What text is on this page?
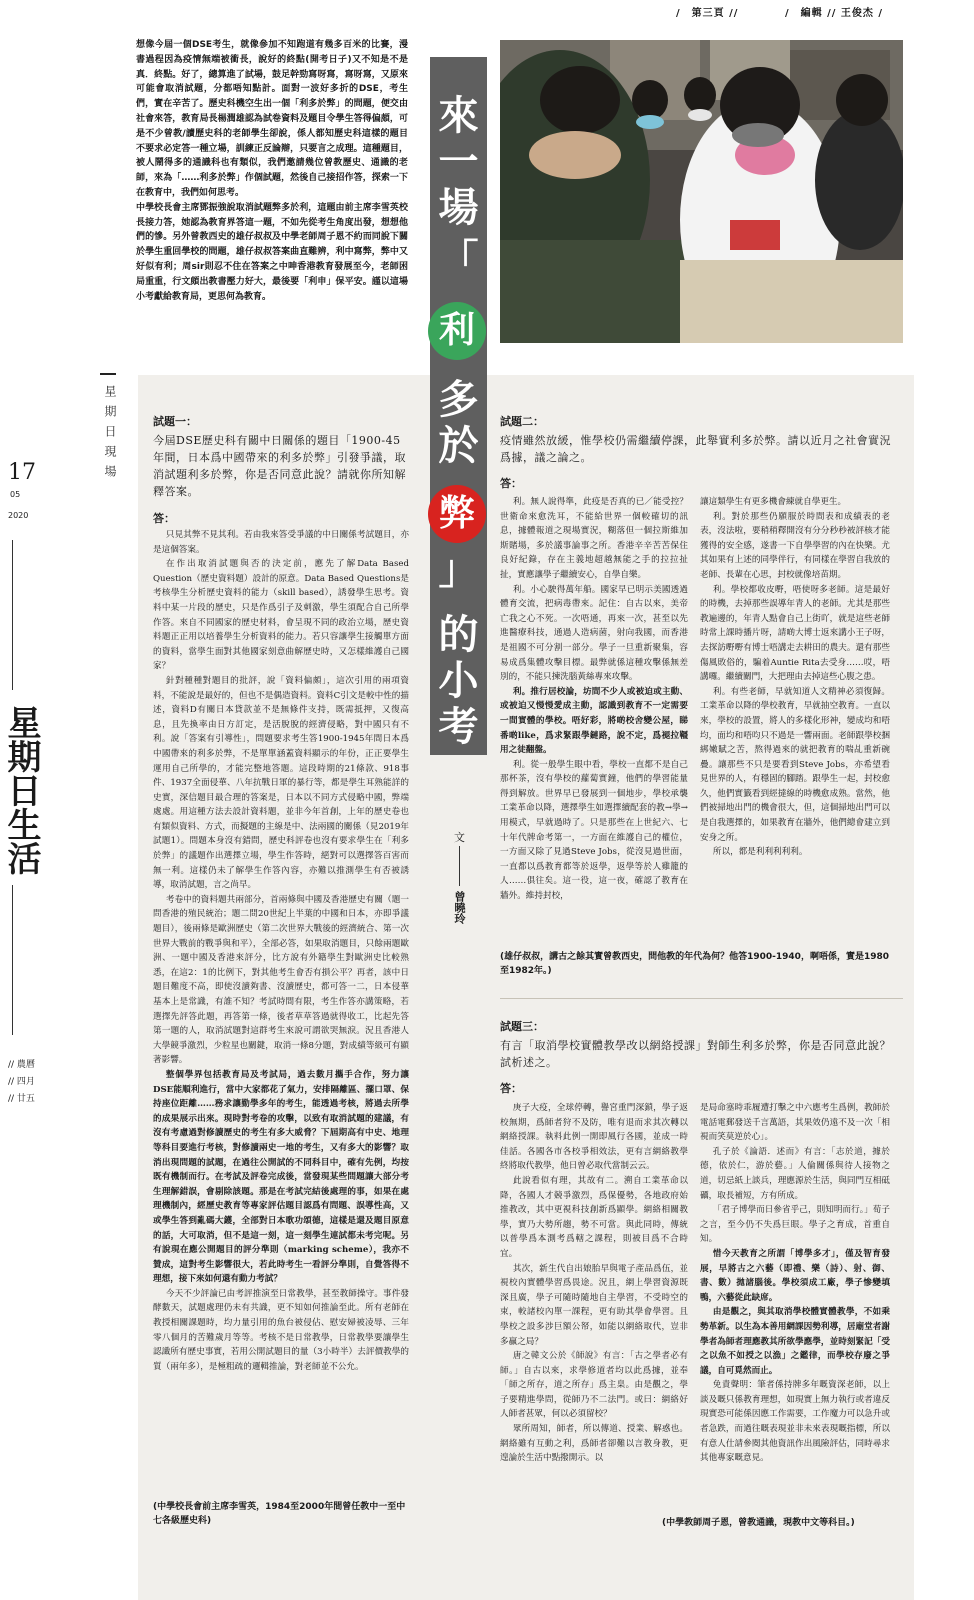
/　第三頁 //	/　編輯 // 王俊杰 /
星期日現場
17
05
2020
星期日生活
// 農曆
// 四月
// 廿五

想像今屆一個DSE考生，就像參加不知跑道有幾多百米的比賽，漫書過程因為疫情無端被衝長，說好的終點(開考日子)又不知是不是真．終點。好了，總算進了試場，鼓足幹勁寫呀寫，寫呀寫，又原來可能會取消試題，分都唔知點計。面對一波好多折的DSE，考生們，實在辛苦了。歷史科機空生出一個「利多於弊」的問題，便交由社會來答，教育局長楊潤雄認為試卷資料及題目令學生答得偏頗，可是不少曾教/讀歷史科的老師學生卻說，係人都知歷史科這樣的題目不要求必定答一種立場，訓練正反論辯，只要言之成理。這種題目，被人鬧得多的通識科也有類似，我們邀請幾位曾教歷史、通識的老師，來為「……利多於弊」作個試題，然後自己接招作答，探索一下在教育中，我們如何思考。

中學校長會主席鄧振強說取消試題弊多於利，這題由前主席李雪英校長接力答，她認為教育界答這一題，不如先從考生角度出發，想想他們的慘。另外曾教西史的雄仔叔叔及中學老師周子恩不約而同說下關於學生重回學校的問題，雄仔叔叔答案曲直難辨，利中寫弊，弊中又好似有利；周sir則忍不住在答案之中呻香港教育發展至今，老師困局重重，行文頗出教書壓力好大，最後要「利申」保平安。謹以這場小考獻給教育局，更思何為教育。

來
一
場
「
利
多
於
弊
」
的
小
考
文
曾曉玲
試題一：
今屆DSE歷史科有關中日關係的題目「1900-45年間，日本爲中國帶來的利多於弊」引發爭議，取消試題利多於弊，你是否同意此說？請就你所知解釋答案。
答：

只見其弊不見其利。若由我來答受爭議的中日關係考試題目，亦是這個答案。

在作出取消試題與否的決定前，應先了解Data Based Question（歷史資料題）設計的原意。Data Based Questions是考核學生分析歷史資料的能力（skill based），誘發學生思考。資料中某一片段的歷史，只是作爲引子及刺激，學生須配合自己所學作答。來自不同國家的歷史材料，會呈現不同的政治立場，歷史資料題正正用以培養學生分析資料的能力。若只容讓學生接觸單方面的資料，當學生面對其他國家刻意曲解歷史時，又怎樣維護自己國家？

針對種種對題目的批評，說「資料偏頗」，這次引用的兩項資料，不能說是最好的，但也不是偶造資料。資料C引文是較中性的描述，資料D有關日本貸款並不是無條件支持，既需抵押，又復高息，且先換率由日方訂定，是活脫脫的經濟侵略，對中國只有不利。說「答案有引導性」，問題要求考生答1900-1945年間日本爲中國帶來的利多於弊，不是單單涵蓋資料顯示的年份，正正要學生運用自己所學的，才能完整地答題。這段時期的21條款、918事件、1937全面侵華、八年抗戰日軍的暴行等，都是學生耳熟能詳的史實，深信題目最合理的答案是，日本以不同方式侵略中國，弊端處處。用這種方法去設計資料題，並非今年首創，上年的歷史卷也有類似資料、方式，而擬題的主線是中、法兩國的關係（見2019年試題1）。問題本身沒有錯問，歷史科評卷也沒有要求學生在「利多於弊」的議題作出選擇立場，學生作答時，絕對可以選擇答百害而無一利。這樣仍未了解學生作答內容，亦難以推測學生有否被誘導，取消試題，言之尚早。

考卷中的資料題共兩部分，首兩條與中國及香港歷史有關（題一問香港的殖民統治；題二問20世紀上半葉的中國和日本，亦即爭議題目），後兩條是歐洲歷史（第二次世界大戰後的經濟統合、第一次世界大戰前的戰爭與和平），全部必答，如果取消題目，只餘兩題歐洲、一題中國及香港來評分，比方說有外籍學生對歐洲史比較熟悉，在這2：1的比例下，對其他考生會否有損公平？再者，該中日題目難度不高，即使沒讀夠書、沒讀歷史，都可答一二，日本侵華基本上是常識，有誰不知？考試時間有限，考生作答亦講策略，若選擇先評答此題，再答第一條，後者草草答過就得收工，比起先答第一題的人，取消試題對這群考生來說可謂欲哭無淚。況且香港人大學競爭激烈，少粒星也關鍵，取消一條8分題，對成績等級可有顯著影響。

整個學界包括教育局及考試局，過去數月攜手合作，努力讓DSE能順利進行，當中大家都花了氣力，安排隔離區、擺口罩、保持座位距離……務求讓勤學多年的考生，能透過考核，將過去所學的成果展示出來。現時對考卷的攻擊，以致有取消試題的建議，有沒有考慮過對修讀歷史的考生有多大威脅？下屆期高有中史、地理等科目要進行考核，對修讀兩史一地的考生，又有多大的影響？取消出現問題的試題，在過往公開試的不同科目中，確有先例，均按既有機制而行。在考試及評卷完成後，當發現某些問題讓大部分考生理解錯誤，會剔除該題。那是在考試完結後處理的事，如果在處理機制內，經歷史教育等專家評估題目認爲有問題、誤導性高，又或學生答到亂碼大鑊，全部對日本歌功頌德，這樣是還及題目原意的話，大可取消，但不是這一刻，這一刻學生連試都未考完呢。另有說現在應公開題目的評分準則（marking scheme），我亦不贊成，這對考生影響很大，若此時考生一看評分準則，自覺答得不理想，接下來如何還有動力考試？

今天不少評論已由考評推演至日常教學，甚至教師操守。事件發酵數天，試題處理仍未有共識，更不知如何推論至此。所有老師在教授相關課題時，均力量引用的魚台被侵佔、慰安婦被凌辱、三年零八個月的苦難歲月等等。考核不是日常教學，日常教學要讓學生認識所有歷史事實，若用公開試題目的量（3小時半）去評價教學的質（兩年多），是極粗疏的邏輯推論，對老師並不公允。

(中學校長會前主席李雪英，1984至2000年間曾任教中一至中七各級歷史科)
試題二：
疫情雖然放緩，惟學校仍需繼續停課，此舉實利多於弊。請以近月之社會實況爲據，議之論之。
答：

利。無人說得準，此疫是否真的已／能受控？世衛命來愈洗耳，不能給世界一個較確切的訊息，據體報道之現場實況，糊落但一個拉斯維加斯賭場，多於議事論事之所。香港辛辛苦苦保住良好紀錄，存在主義地超越無能之手的拉拉扯扯，實應讓學子繼續安心，自學自樂。

利。小心駛得萬年船。國家早已明示美國透過體育交流，把病毒帶來。記住：自古以來，美帝亡我之心不死。一次唔通，再來一次，甚至以先進醫療科技，通過人造病菌，射向我國，而香港是祖國不可分割一部分。學子一旦重新聚集，容易成爲集體攻擊目標。最弊就係這種攻擊係無差別的，不能只揀洗腦黃絲專來攻擊。

利。推行居校論，坊間不少人或被迫或主動、或被迫又慢慢愛成主動，認識到教育不一定需要一間實體的學校。唔好彩，將啲校舍變公屋，睇番啲like，爲求緊跟學鏈路，說不定，爲褪拉韁用之徒翻盤。

利。從一般學生眼中看，學校一直都不是自己那杯茶，沒有學校的蘿蔔實鐘，他們的學習能量得到解放。世界早已發展到一個地步，學校承襲工業革命以降，選擇學生如選擇續配套的教→學→用模式，早就過時了。只是那些在上世紀六、七十年代牌命考第一，一方面在維護自己的權位，一方面又除了見過Steve Jobs，從沒見過世面，一直都以爲教育都等於返學，返學等於人雞籠的人……俱往矣。這一役，這一夜，確認了教育在牆外。維持封校，

讓這類學生有更多機會練就自學更生。

利。對於那些仍願服於時間表和成績表的老表，沒法啦，要稍稍釋開沒有分分秒秒被評核才能獲得的安全感，遂書一下自學學習的內在快樂。尤其如果有上述的同學伴行，有同樣在學習自我放的老師、長輩在心思，封校就像培苗期。

利。學校都收皮嘢，唔使呀多老師。這是最好的時機，去掉那些誤導年青人的老師。尤其是那些教遍邊的，年青人點會自己上街吖，就是這些老師時常上課時播片呀，請啲大博士返來講小王子呀，去探訪嘢嘢有博士唔講走去耕田的農夫。還有那些傷風敗俗的，騙着Auntie Rita去受身……哎，唔講囉。繼續關門，大把理由去掉這些心腹之患。

利。有些老師，早就知道人文精神必須復歸。工業革命以降的學校教育，早就抽空教育。一直以來，學校的設置，將人的多樣化形神，變成均和唔均，面均和唔呁只不過是一響兩面。老師跟學校捆綁嫩賦之苦，熬得過來的就把教育的喘乩重新碗疊。讓那些不只是要看到Steve Jobs，亦希望看見世界的人，有穩固的腳踏。跟學生一起，封校愈久，他們實籤看到經撻線的時機愈成熟。當然，他們被掃地出門的機會很大，但，這個掃地出門可以是自我選擇的，如果教育在牆外，他們總會建立到安身之所。

所以，都是利利利利利。

(雄仔叔叔，講古之餘其實曾教西史，問他教的年代為何？他答1900-1940，啊唔係，實是1980至1982年。)
試題三：
有言「取消學校實體教學改以網絡授課」對師生利多於弊，你是否同意此說？試析述之。
答：

庚子大疫，全球停轉，譽宮重門深鎖，學子返校無期，爲師者狩不及防，唯有退而求其次轉以網絡授課。執料此例一開即風行各國，並成一時佳話。各國各市各校爭相效法，更有言網絡教學終將取代教學，他日曾必取代當制云云。

此說看似有理，其故有二。溯自工業革命以降，各國人才競爭激烈，爲保優勢，各地政府始推教改，其中更視科技創新爲顯學。網絡相關教學，實乃大勢所趨，勢不可當。與此同時，傳統以普學爲本測考爲轄之課程，則被目爲不合時宜。

其次，新生代自出娘胎早與電子產品爲伍，並視校內實體學習爲畏途。況且，網上學習資源既深且廣，學子可隨時隨地自主學習，不受時空的束，較諸校內單一課程，更有助其學會學習。且學校之設多涉巨額公帑，如能以網絡取代，豈非多贏之局？

唐之韓文公於《師說》有言：「古之學者必有師。」自古以來，求學修道者均以此爲據，並奉「師之所存，道之所存」爲主臬。由是觀之，學子要精進學問，從師乃不二法門。或曰：網絡好人師者甚眾，何以必須留校？

眾所周知，師者，所以傳道、授業、解惑也。網絡雖有互動之利，爲師者卻難以言教身教，更遑論於生活中點撥開示。以

是局命塞時乖履遭打擊之中六應考生爲例，教師於電話電郵發送千言萬語，其果效仍遠不及一次「相視而笑莫逆於心」。

孔子於《論語．述而》有言：「志於道，據於德，依於仁，游於藝。」人倫關係與待人接物之道，切忌紙上談兵，理應源於生活，與同門互相砥礪，取長補短，方有所成。

「君子博學而日參省乎己，則知明而行。」荀子之言，至今仍不失爲巨眼。學子之育成，首重自知。

惜今天教育之所謂「博學多才」，僅及智育發展，早將古之六藝（即禮、樂（詩）、射、御、書、數）拋諸腦後。學校須成工廠，學子惨變填鴨，六藝從此缺席。

由是觀之，與其取消學校體實體教學，不如乘勢革新。以生為本善用網課因勢利導，居廟堂者謝學者為師者理應教其所欲學應學，並時刻緊記「受之以魚不如授之以漁」之鑑律，而學校存廢之爭議，自可覓然而止。

免責聲明：筆者係持牌多年嘅資深老師，以上談及嘅只係教育理想，如現實上無力執行或者違反現實恐可能係因應工作需要，工作魔力可以急升或者急跌，而過往嘅表現並非未來表現嘅指標，所以有意人仕請參閱其他資訊作出風險評估，同時尋求其他專家嘅意見。

(中學教師周子恩，曾教通識，現教中文等科目。)
